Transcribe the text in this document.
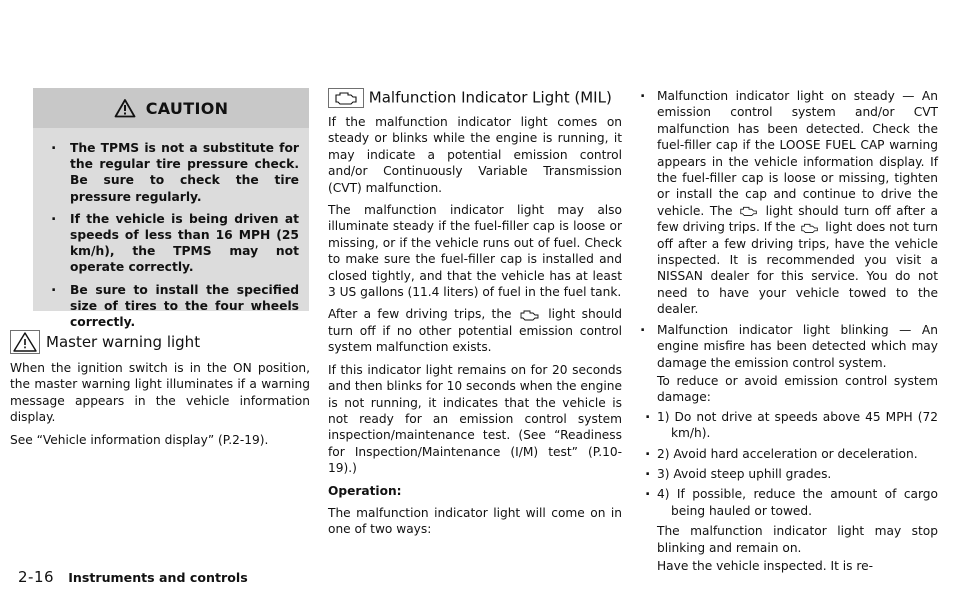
CAUTION
. The TPMS is not a substitute for the regular tire pressure check. Be sure to check the tire pressure regularly.
. If the vehicle is being driven at speeds of less than 16 MPH (25 km/h), the TPMS may not operate correctly.
. Be sure to install the specified size of tires to the four wheels correctly.
Master warning light

When the ignition switch is in the ON position, the master warning light illuminates if a warning message appears in the vehicle information display.

See “Vehicle information display” (P.2-19).

Malfunction Indicator Light (MIL)

If the malfunction indicator light comes on steady or blinks while the engine is running, it may indicate a potential emission control and/or Continuously Variable Transmission (CVT) malfunction.

The malfunction indicator light may also illuminate steady if the fuel-filler cap is loose or missing, or if the vehicle runs out of fuel. Check to make sure the fuel-filler cap is installed and closed tightly, and that the vehicle has at least 3 US gallons (11.4 liters) of fuel in the fuel tank.

After a few driving trips, the	light should turn off if no other potential emission control system malfunction exists.

If this indicator light remains on for 20 seconds and then blinks for 10 seconds when the engine is not running, it indicates that the vehicle is not ready for an emission control system inspection/maintenance test. (See “Readiness for Inspection/Maintenance (I/M) test” (P.10-19).)

Operation:

The malfunction indicator light will come on in one of two ways:

. Malfunction indicator light on steady — An emission control system and/or CVT malfunction has been detected. Check the fuel-filler cap if the LOOSE FUEL CAP warning appears in the vehicle information display. If the fuel-filler cap is loose or missing, tighten or install the cap and continue to drive the vehicle. The	light should turn off after a few driving trips. If the light does not turn off after a few driving trips, have the vehicle inspected. It is recommended you visit a NISSAN dealer for this service. You do not need to have your vehicle towed to the dealer.
. Malfunction indicator light blinking — An engine misfire has been detected which may damage the emission control system.
To reduce or avoid emission control system damage:
. 1) Do not drive at speeds above 45 MPH (72 km/h).
. 2) Avoid hard acceleration or deceleration.
. 3) Avoid steep uphill grades.
. 4) If possible, reduce the amount of cargo being hauled or towed.
The malfunction indicator light may stop blinking and remain on.
Have the vehicle inspected. It is re-
2-16 Instruments and controls
